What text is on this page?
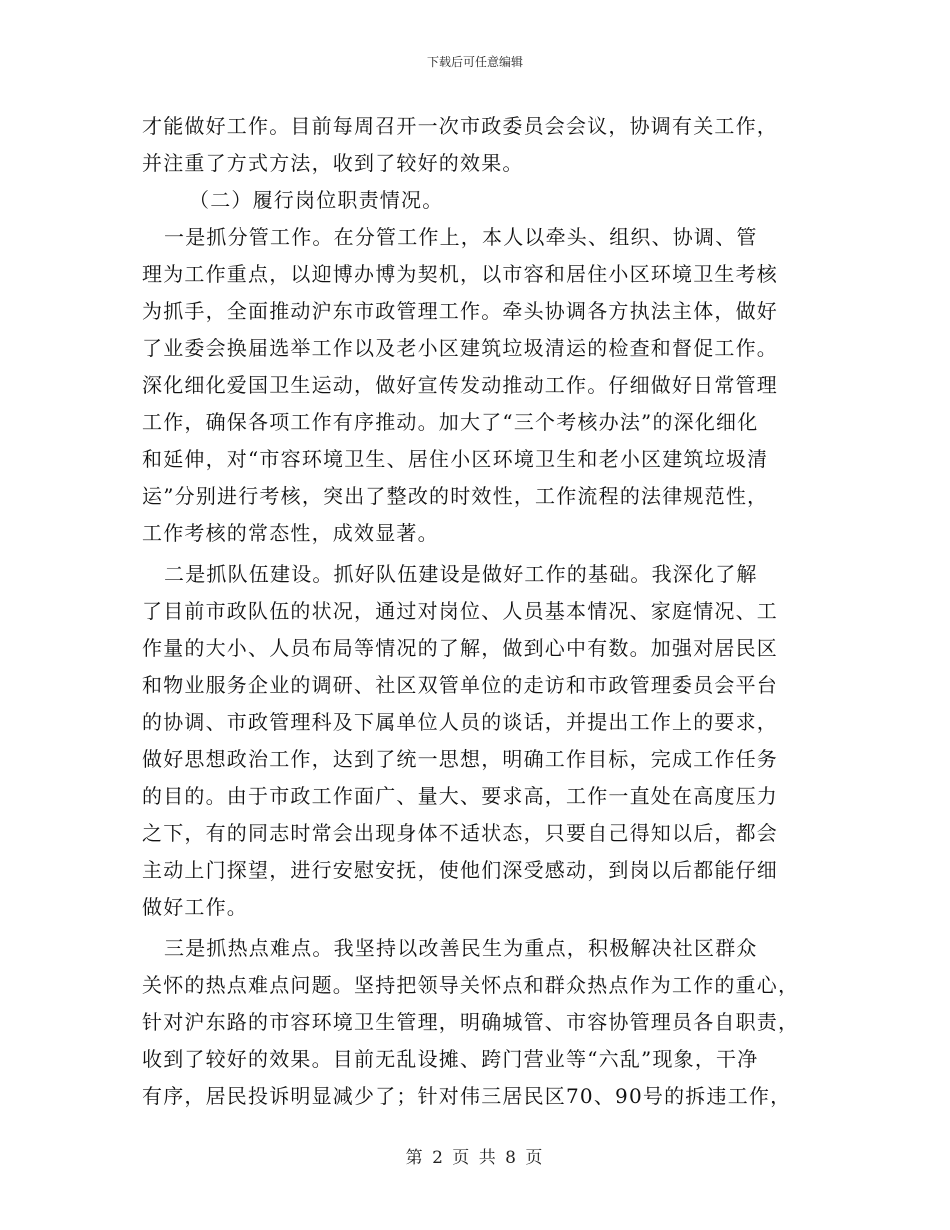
下载后可任意编辑
才能做好工作。目前每周召开一次市政委员会会议，协调有关工作，
并注重了方式方法，收到了较好的效果。
（二）履行岗位职责情况。
一是抓分管工作。在分管工作上，本人以牵头、组织、协调、管
理为工作重点，以迎博办博为契机，以市容和居住小区环境卫生考核
为抓手，全面推动沪东市政管理工作。牵头协调各方执法主体，做好
了业委会换届选举工作以及老小区建筑垃圾清运的检查和督促工作。
深化细化爱国卫生运动，做好宣传发动推动工作。仔细做好日常管理
工作，确保各项工作有序推动。加大了“三个考核办法”的深化细化
和延伸，对“市容环境卫生、居住小区环境卫生和老小区建筑垃圾清
运”分别进行考核，突出了整改的时效性，工作流程的法律规范性，
工作考核的常态性，成效显著。
二是抓队伍建设。抓好队伍建设是做好工作的基础。我深化了解
了目前市政队伍的状况，通过对岗位、人员基本情况、家庭情况、工
作量的大小、人员布局等情况的了解，做到心中有数。加强对居民区
和物业服务企业的调研、社区双管单位的走访和市政管理委员会平台
的协调、市政管理科及下属单位人员的谈话，并提出工作上的要求，
做好思想政治工作，达到了统一思想，明确工作目标，完成工作任务
的目的。由于市政工作面广、量大、要求高，工作一直处在高度压力
之下，有的同志时常会出现身体不适状态，只要自己得知以后，都会
主动上门探望，进行安慰安抚，使他们深受感动，到岗以后都能仔细
做好工作。
三是抓热点难点。我坚持以改善民生为重点，积极解决社区群众
关怀的热点难点问题。坚持把领导关怀点和群众热点作为工作的重心，
针对沪东路的市容环境卫生管理，明确城管、市容协管理员各自职责，
收到了较好的效果。目前无乱设摊、跨门营业等“六乱”现象，干净
有序，居民投诉明显减少了；针对伟三居民区70、90号的拆违工作，
第 2 页 共 8 页
